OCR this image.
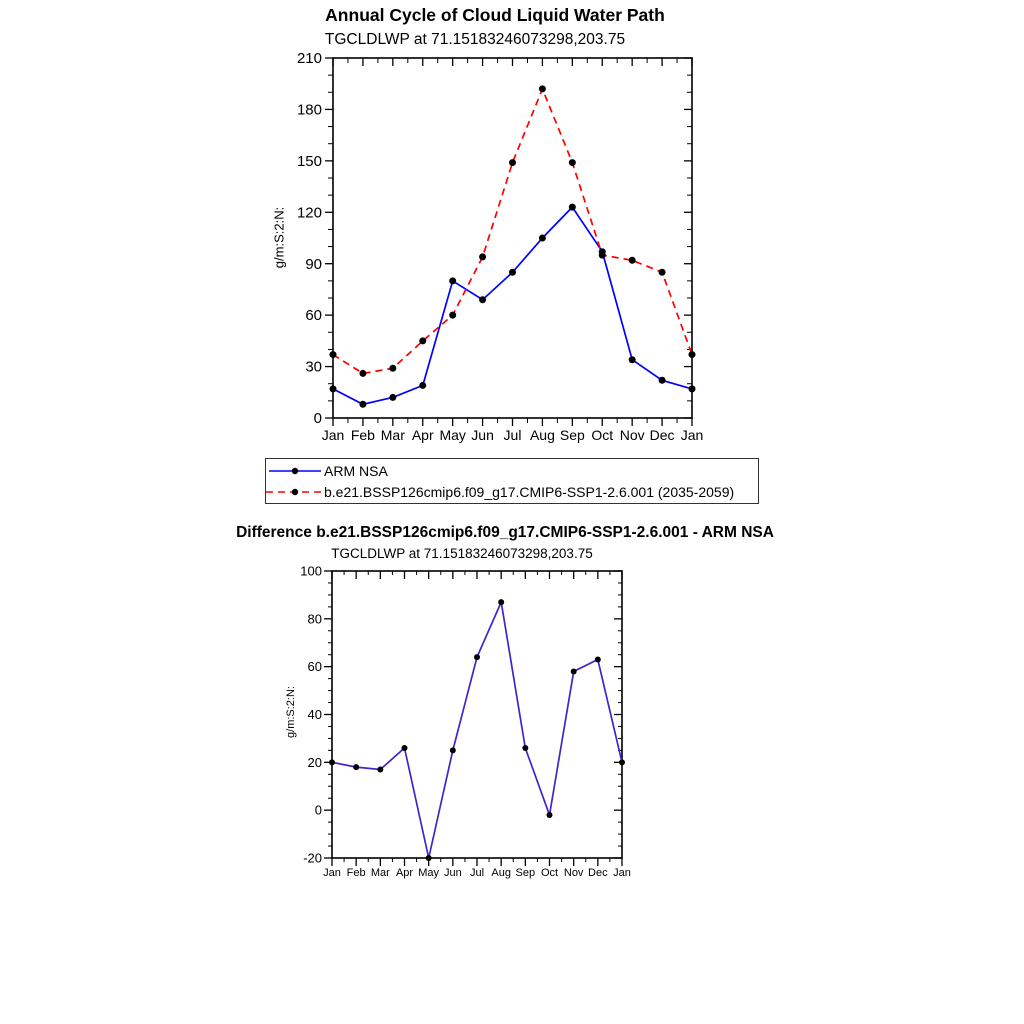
0
30
60
90
120
150
180
210
Jan Feb Mar Apr May Jun Jul Aug Sep Oct Nov Dec Jan
-20
0
20
40
60
80
100
Jan Feb Mar Apr May Jun Jul Aug Sep Oct Nov Dec Jan
Annual Cycle of Cloud Liquid Water Path
TGCLDLWP at 71.15183246073298,203.75
g/m:S:2:N:
ARM NSA
b.e21.BSSP126cmip6.f09_g17.CMIP6-SSP1-2.6.001 (2035-2059)
Difference b.e21.BSSP126cmip6.f09_g17.CMIP6-SSP1-2.6.001 - ARM NSA
TGCLDLWP at 71.15183246073298,203.75
g/m:S:2:N:
